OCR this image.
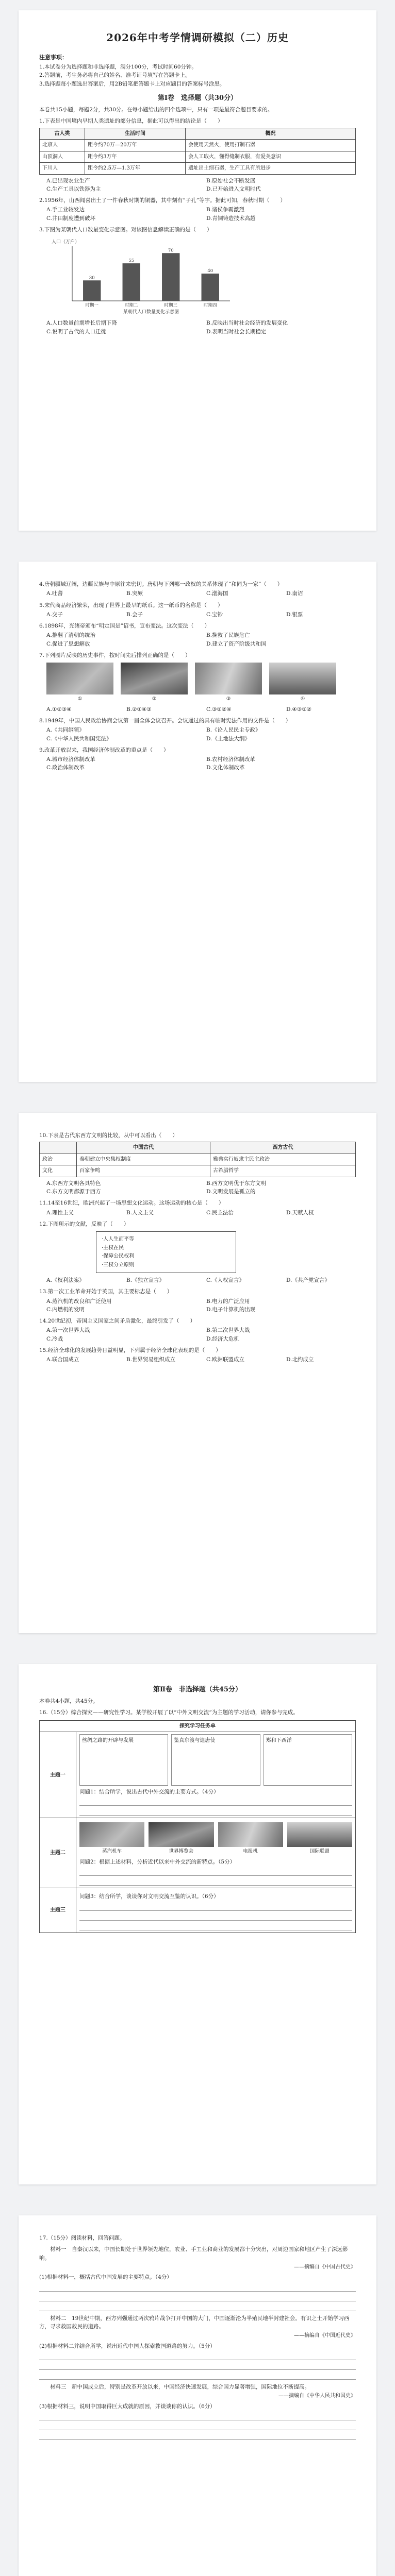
2026年中考学情调研模拟（二）历史
注意事项：

1.本试卷分为选择题和非选择题，满分100分，考试时间60分钟。

2.答题前，考生务必将自己的姓名、准考证号填写在答题卡上。

3.选择题每小题选出答案后，用2B铅笔把答题卡上对应题目的答案标号涂黑。

第Ⅰ卷　选择题（共30分）

本卷共15小题，每题2分，共30分。在每小题给出的四个选项中，只有一项是最符合题目要求的。

1.下表是中国境内早期人类遗址的部分信息，据此可以得出的结论是（　　）

古人类	生活时间	概况
北京人	距今约70万—20万年	会使用天然火，使用打制石器
山顶洞人	距今约3万年	会人工取火，懂得缝制衣服，有爱美意识
下川人	距今约2.5万—1.3万年	遗址出土细石器，生产工具有所进步

A.已出现农业生产	B.原始社会不断发展

C.生产工具以铁器为主	D.已开始进入文明时代

2.1956年，山西闻喜出土了一件春秋时期的铜器，其中刻有“子孔”等字。据此可知，春秋时期（　　）

A.手工业较发达	B.诸侯争霸激烈

C.井田制度遭到破坏	D.青铜铸造技术高超

3.下图为某朝代人口数量变化示意图。对该图信息解读正确的是（　　）

人口（万户）
某朝代人口数量变化示意图
时期一
30
时期二
55
时期三
70
时期四
40

A.人口数量前期增长后期下降	B.反映出当时社会经济的发展变化

C.说明了古代的人口迁徙	D.表明当时社会长期稳定

4.唐朝疆域辽阔，边疆民族与中原往来密切。唐朝与下列哪一政权的关系体现了“和同为一家”（　　）

A.吐蕃	B.突厥	C.渤海国	D.南诏

5.宋代商品经济繁荣，出现了世界上最早的纸币。这一纸币的名称是（　　）

A.交子	B.会子	C.宝钞	D.银票

6.1898年，光绪帝颁布“明定国是”诏书，宣布变法。这次变法（　　）

A.推翻了清朝的统治	B.挽救了民族危亡

C.促进了思想解放	D.建立了资产阶级共和国

7.下列图片反映的历史事件，按时间先后排列正确的是（　　）

①	②	③	④

A.①②③④	B.②①④③	C.③①②④	D.④③①②

8.1949年，中国人民政治协商会议第一届全体会议召开。会议通过的具有临时宪法作用的文件是（　　）

A.《共同纲领》	B.《论人民民主专政》

C.《中华人民共和国宪法》	D.《土地法大纲》

9.改革开放以来，我国经济体制改革的重点是（　　）

A.城市经济体制改革	B.农村经济体制改革

C.政治体制改革	D.文化体制改革

10.下表是古代东西方文明的比较，从中可以看出（　　）

	中国古代	西方古代
政治	秦朝建立中央集权制度	雅典实行奴隶主民主政治
文化	百家争鸣	古希腊哲学

A.东西方文明各具特色	B.西方文明优于东方文明

C.东方文明都源于西方	D.文明发展是孤立的

11.14至16世纪，欧洲兴起了一场思想文化运动。这场运动的核心是（　　）

A.理性主义	B.人文主义	C.民主法治	D.天赋人权

12.下图所示的文献，反映了（　　）

·人人生而平等

·主权在民

·保障公民权利

·三权分立原则

A.《权利法案》	B.《独立宣言》	C.《人权宣言》	D.《共产党宣言》

13.第一次工业革命开始于英国，其主要标志是（　　）

A.蒸汽机的改良和广泛使用	B.电力的广泛应用

C.内燃机的发明	D.电子计算机的出现

14.20世纪初，帝国主义国家之间矛盾激化，最终引发了（　　）

A.第一次世界大战	B.第二次世界大战

C.冷战	D.经济大危机

15.经济全球化的发展趋势日益明显，下列属于经济全球化表现的是（　　）

A.联合国成立	B.世界贸易组织成立	C.欧洲联盟成立	D.北约成立

第Ⅱ卷　非选择题（共45分）

本卷共4小题，共45分。

16.（15分）综合探究——研究性学习。某学校开展了以“中外文明交流”为主题的学习活动，请你参与完成。

探究学习任务单
主题一
丝绸之路的开辟与发展	鉴真东渡与遣唐使	郑和下西洋

问题1：结合所学，说出古代中外交流的主要方式。（4分）

主题二	蒸汽机车	世界博览会	电报机	国际联盟

问题2：根据上述材料，分析近代以来中外交流的新特点。（5分）

主题三

问题3：结合所学，谈谈你对文明交流互鉴的认识。（6分）

17.（15分）阅读材料，回答问题。

材料一　自秦汉以来，中国长期处于世界领先地位，农业、手工业和商业的发展都十分突出，对周边国家和地区产生了深远影响。

——摘编自《中国古代史》

(1)根据材料一，概括古代中国发展的主要特点。（4分）

材料二　19世纪中期，西方列强通过两次鸦片战争打开中国的大门，中国逐渐沦为半殖民地半封建社会。有识之士开始学习西方，寻求救国救民的道路。

——摘编自《中国近代史》

(2)根据材料二并结合所学，说出近代中国人探索救国道路的努力。（5分）

材料三　新中国成立后，特别是改革开放以来，中国经济快速发展，综合国力显著增强，国际地位不断提高。

——摘编自《中华人民共和国史》

(3)根据材料三，说明中国取得巨大成就的原因，并谈谈你的认识。（6分）
